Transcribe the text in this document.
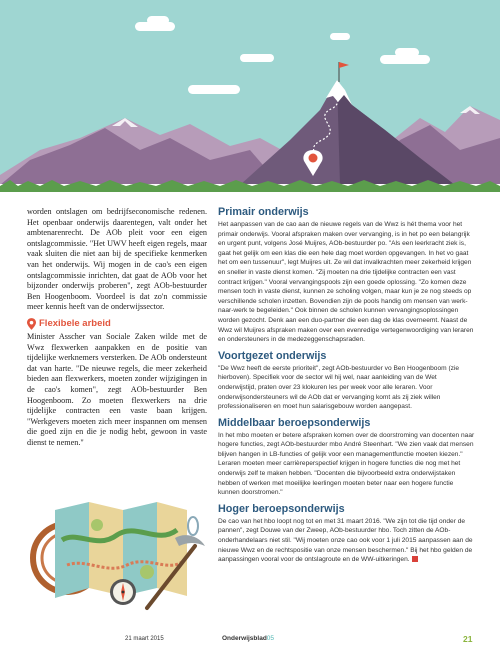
worden ontslagen om bedrijfseconomische redenen. Het openbaar onderwijs daarentegen, valt onder het ambtenarenrecht. De AOb pleit voor een eigen ontslagcommissie. "Het UWV heeft eigen regels, maar vaak sluiten die niet aan bij de specifieke kenmerken van het onderwijs. Wij mogen in de cao's een eigen ontslagcommissie inrichten, dat gaat de AOb voor het bijzonder onderwijs proberen", zegt AOb-bestuurder Ben Hoogenboom. Voordeel is dat zo'n commissie meer kennis heeft van de onderwijssector.

Flexibele arbeid

Minister Asscher van Sociale Zaken wilde met de Wwz flexwerken aanpakken en de positie van tijdelijke werknemers versterken. De AOb ondersteunt dat van harte. "De nieuwe regels, die meer zekerheid bieden aan flexwerkers, moeten zonder wijzigingen in de cao's komen", zegt AOb-bestuurder Ben Hoogenboom. Zo moeten flexwerkers na drie tijdelijke contracten een vaste baan krijgen. "Werkgevers moeten zich meer inspannen om mensen die goed zijn en die je nodig hebt, gewoon in vaste dienst te nemen."

Primair onderwijs

Het aanpassen van de cao aan de nieuwe regels van de Wwz is hét thema voor het primair onderwijs. Vooral afspraken maken over vervanging, is in het po een belangrijk en urgent punt, volgens José Muijres, AOb-bestuurder po. "Als een leerkracht ziek is, gaat het gelijk om een klas die een hele dag moet worden opgevangen. In het vo gaat het om een tussenuur", legt Muijres uit. Ze wil dat invalkrachten meer zekerheid krijgen en sneller in vaste dienst komen. "Zij moeten na drie tijdelijke contracten een vast contract krijgen." Vooral vervangingspools zijn een goede oplossing. "Zo komen deze mensen toch in vaste dienst, kunnen ze scholing volgen, maar kun je ze nog steeds op verschillende scholen inzetten. Bovendien zijn de pools handig om mensen van werk-naar-werk te begeleiden." Ook binnen de scholen kunnen vervangingsoplossingen worden gezocht. Denk aan een duo-partner die een dag de klas overneemt. Naast de Wwz wil Muijres afspraken maken over een evenredige vertegenwoordiging van leraren en ondersteuners in de medezeggenschapsraden.

Voortgezet onderwijs

"De Wwz heeft de eerste prioriteit", zegt AOb-bestuurder vo Ben Hoogenboom (zie hierboven). Specifiek voor de sector wil hij wel, naar aanleiding van de Wet onderwijstijd, praten over 23 klokuren les per week voor alle leraren. Voor onderwijsondersteuners wil de AOb dat er vervanging komt als zij ziek willen professionaliseren en moet hun salarisgebouw worden aangepast.

Middelbaar beroepsonderwijs

In het mbo moeten er betere afspraken komen over de doorstroming van docenten naar hogere functies, zegt AOb-bestuurder mbo André Steenhart. "We zien vaak dat mensen blijven hangen in LB-functies of gelijk voor een managementfunctie moeten kiezen." Leraren moeten meer carrièreperspectief krijgen in hogere functies die nog met het onderwijs zelf te maken hebben. "Docenten die bijvoorbeeld extra onderwijstaken hebben of werken met moeilijke leerlingen moeten beter naar een hogere functie kunnen doorstromen."

Hoger beroepsonderwijs

De cao van het hbo loopt nog tot en met 31 maart 2016. "We zijn tot die tijd onder de pannen", zegt Douwe van der Zweep, AOb-bestuurder hbo. Toch zitten de AOb-onderhandelaars niet stil. "Wij moeten onze cao ook voor 1 juli 2015 aanpassen aan de nieuwe Wwz en de rechtspositie van onze mensen beschermen." Bij het hbo gelden de aanpassingen vooral voor de ontslagroute en de WW-uitkeringen.

21 maart 2015	Onderwijsblad05	21
